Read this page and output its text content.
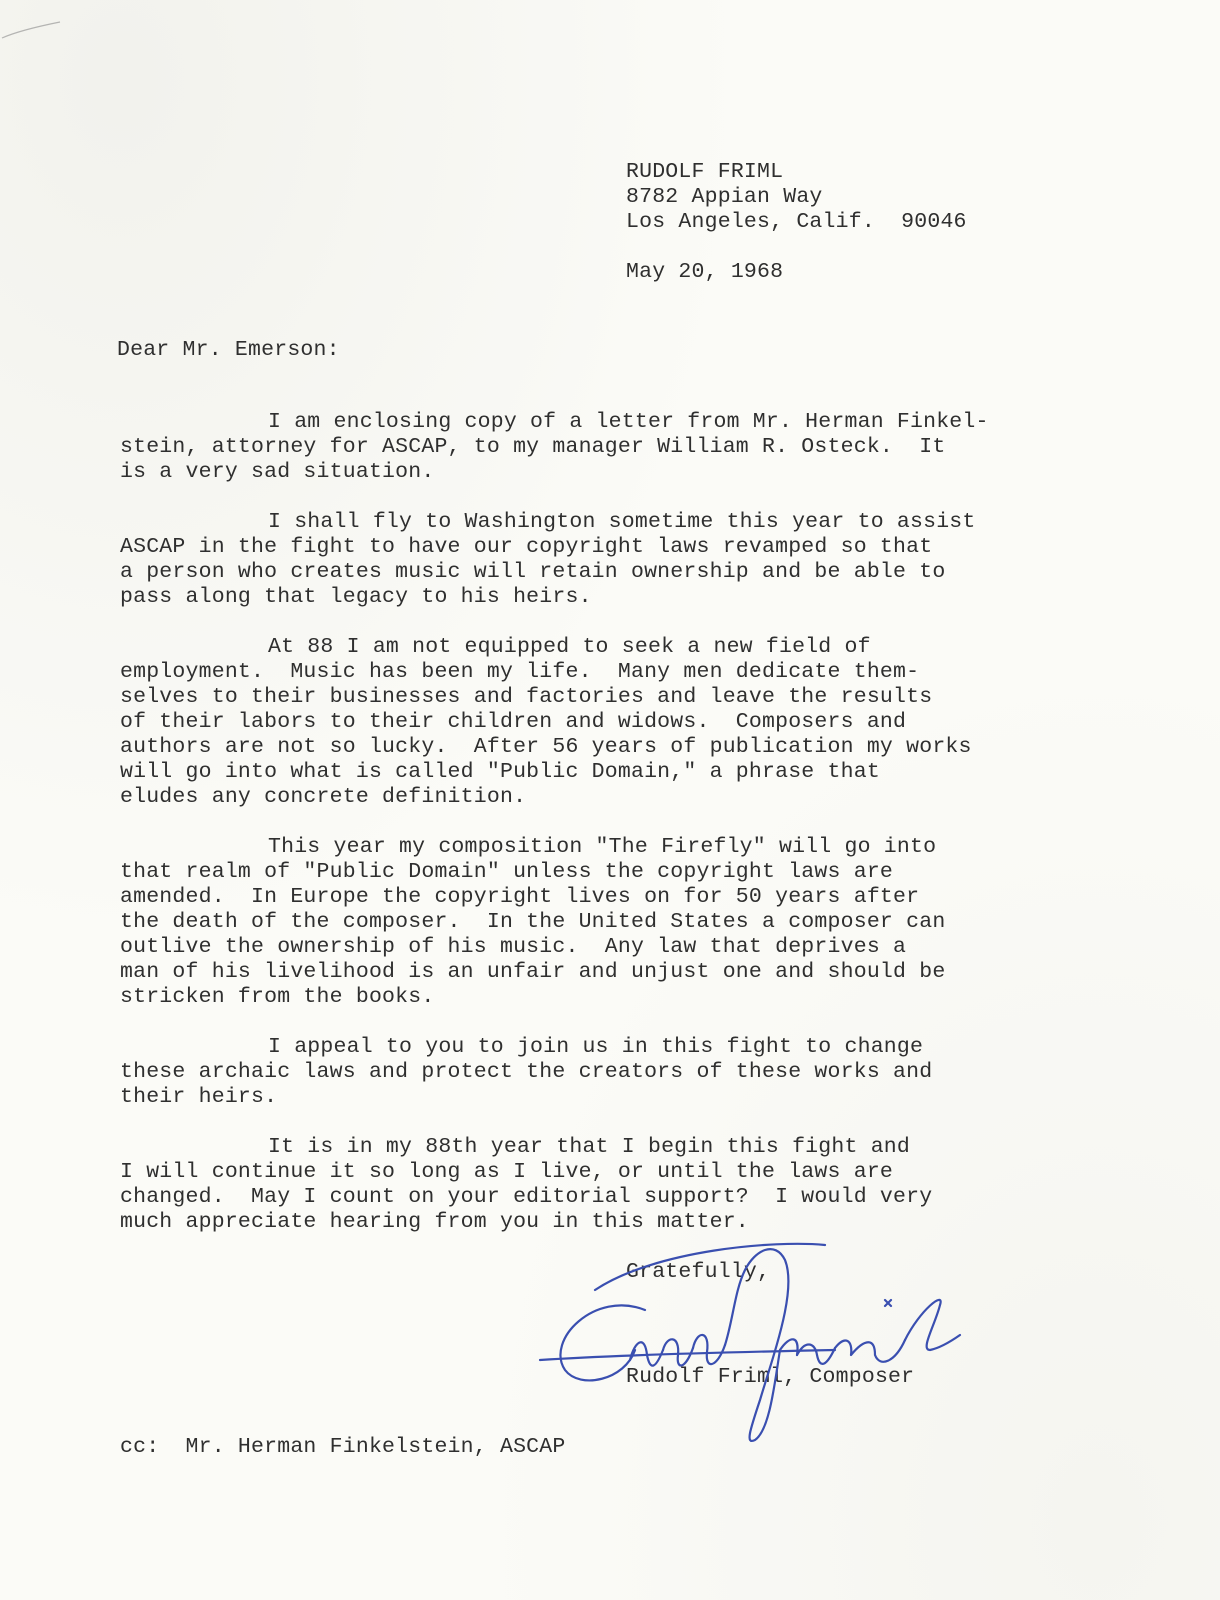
RUDOLF FRIML
8782 Appian Way
Los Angeles, Calif.  90046
May 20, 1968
Dear Mr. Emerson:
I am enclosing copy of a letter from Mr. Herman Finkel-
stein, attorney for ASCAP, to my manager William R. Osteck.  It
is a very sad situation.
I shall fly to Washington sometime this year to assist
ASCAP in the fight to have our copyright laws revamped so that
a person who creates music will retain ownership and be able to
pass along that legacy to his heirs.
At 88 I am not equipped to seek a new field of
employment.  Music has been my life.  Many men dedicate them-
selves to their businesses and factories and leave the results
of their labors to their children and widows.  Composers and
authors are not so lucky.  After 56 years of publication my works
will go into what is called "Public Domain," a phrase that
eludes any concrete definition.
This year my composition "The Firefly" will go into
that realm of "Public Domain" unless the copyright laws are
amended.  In Europe the copyright lives on for 50 years after
the death of the composer.  In the United States a composer can
outlive the ownership of his music.  Any law that deprives a
man of his livelihood is an unfair and unjust one and should be
stricken from the books.
I appeal to you to join us in this fight to change
these archaic laws and protect the creators of these works and
their heirs.
It is in my 88th year that I begin this fight and
I will continue it so long as I live, or until the laws are
changed.  May I count on your editorial support?  I would very
much appreciate hearing from you in this matter.
Gratefully,
Rudolf Friml, Composer
cc:  Mr. Herman Finkelstein, ASCAP
